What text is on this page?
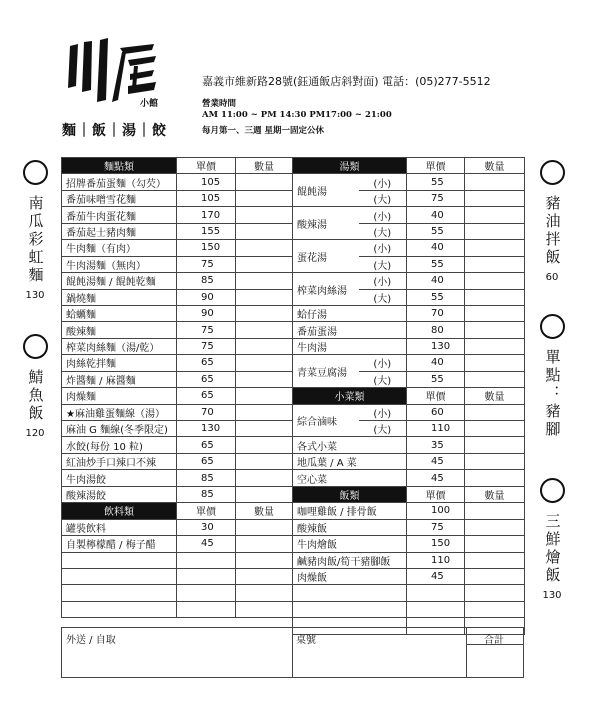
小館
麵｜飯｜湯｜餃
嘉義市維新路28號(鈺通飯店斜對面) 電話：(05)277-5512
營業時間
AM 11:00 ~ PM 14:30 PM17:00 ~ 21:00
每月第一、三週 星期一固定公休
南瓜彩虹麵
130
鯖魚飯
120
豬油拌飯
60
單點：豬腳
三鮮燴飯
130
麵點類	單價	數量
招牌番茄蛋麵（勾芡）	105	
番茄味噌雪花麵	105	
番茄牛肉蛋花麵	170	
番茄起士豬肉麵	155	
牛肉麵（有肉）	150	
牛肉湯麵（無肉）	75	
餛飩湯麵 / 餛飩乾麵	85	
鍋燒麵	90	
蛤蠣麵	90	
酸辣麵	75	
榨菜肉絲麵（湯/乾）	75	
肉絲乾拌麵	65	
炸醬麵 / 麻醬麵	65	
肉燥麵	65	
★麻油雞蛋麵線（湯）	70	
麻油 G 麵線(冬季限定)	130	
水餃(每份 10 粒)	65	
紅油炒手口辣口不辣	65	
牛肉湯餃	85	
酸辣湯餃	85	
飲料類	單價	數量
罐裝飲料	30	
自製檸檬醋 / 梅子醋	45	

湯類		單價	數量
餛飩湯	(小)	55	
	(大)	75	
酸辣湯	(小)	40	
	(大)	55	
蛋花湯	(小)	40	
	(大)	55	
榨菜肉絲湯	(小)	40	
	(大)	55	
蛤仔湯		70	
番茄蛋湯		80	
牛肉湯		130	
青菜豆腐湯	(小)	40	
	(大)	55	
小菜類		單價	數量
綜合滷味	(小)	60	
	(大)	110	
各式小菜		35	
地瓜葉 / A 菜		45	
空心菜		45	
飯類		單價	數量
咖哩雞飯 / 排骨飯		100	
酸辣飯		75	
牛肉燴飯		150	
鹹豬肉飯/筍干豬腳飯		110	
肉燥飯		45	

外送 / 自取	桌號	合計
